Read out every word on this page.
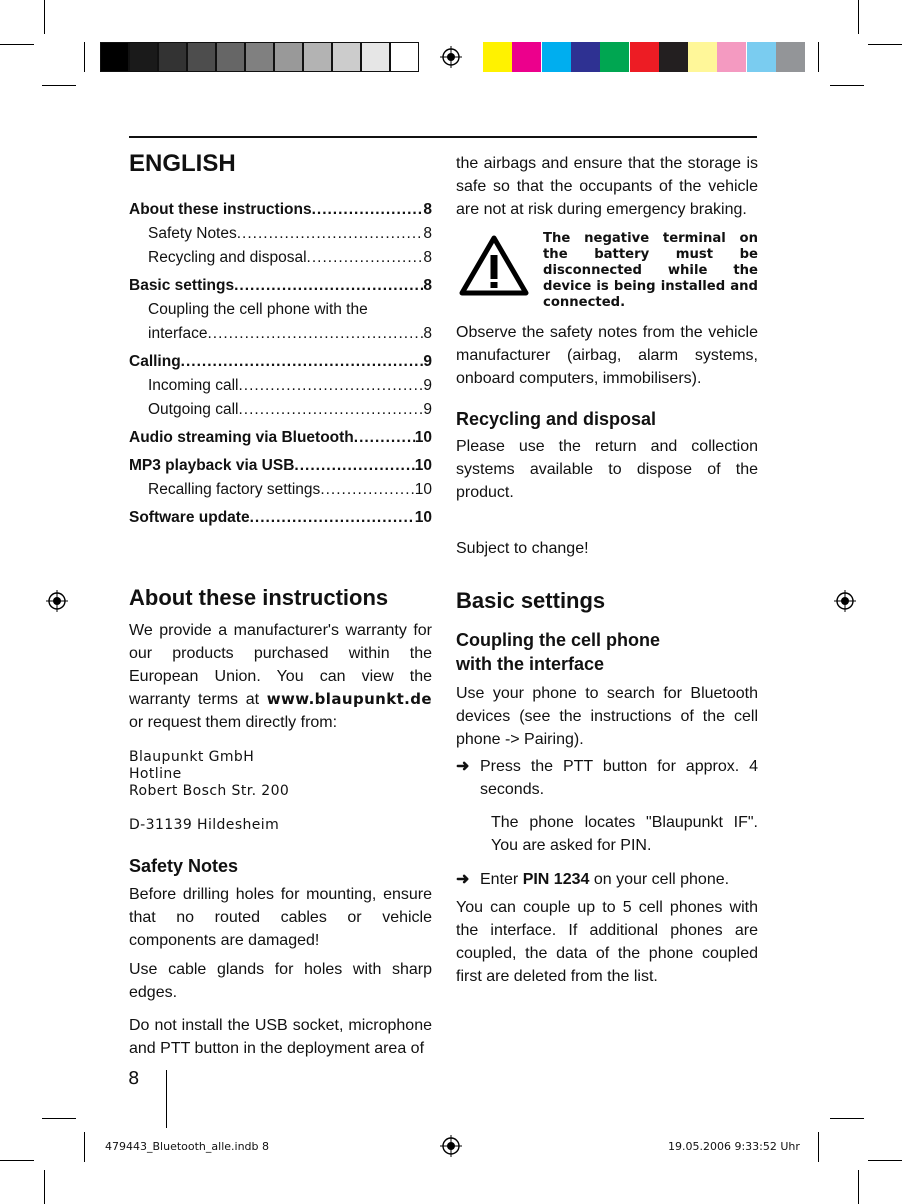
ENGLISH
About these instructions .....	8
Safety Notes .....	8
Recycling and disposal .....	8
Basic settings .....	8
Coupling the cell phone with the
interface .....	8
Calling .....	9
Incoming call .....	9
Outgoing call .....	9
Audio streaming via Bluetooth .....	10
MP3 playback via USB .....	10
Recalling factory settings .....	10
Software update .....	10
About these instructions

We provide a manufacturer's warranty for our products purchased within the European Union. You can view the warranty terms at www.blaupunkt.de or request them directly from:

Blaupunkt GmbH
Hotline
Robert Bosch Str. 200
D-31139 Hildesheim
Safety Notes

Before drilling holes for mounting, ensure that no routed cables or vehicle components are damaged!

Use cable glands for holes with sharp edges.

Do not install the USB socket, microphone and PTT button in the deployment area of

8

the airbags and ensure that the storage is safe so that the occupants of the vehicle are not at risk during emergency braking.

The negative terminal on the battery must be disconnected while the device is being installed and connected.

Observe the safety notes from the vehicle manufacturer (airbag, alarm systems, onboard computers, immobilisers).

Recycling and disposal

Please use the return and collection systems available to dispose of the product.

Subject to change!

Basic settings
Coupling the cell phone
with the interface

Use your phone to search for Bluetooth devices (see the instructions of the cell phone -> Pairing).

➜ Press the PTT button for approx. 4 seconds.

The phone locates "Blaupunkt IF". You are asked for PIN.

➜ Enter PIN 1234 on your cell phone.

You can couple up to 5 cell phones with the interface. If additional phones are coupled, the data of the phone coupled first are deleted from the list.

479443_Bluetooth_alle.indb 8	19.05.2006 9:33:52 Uhr
